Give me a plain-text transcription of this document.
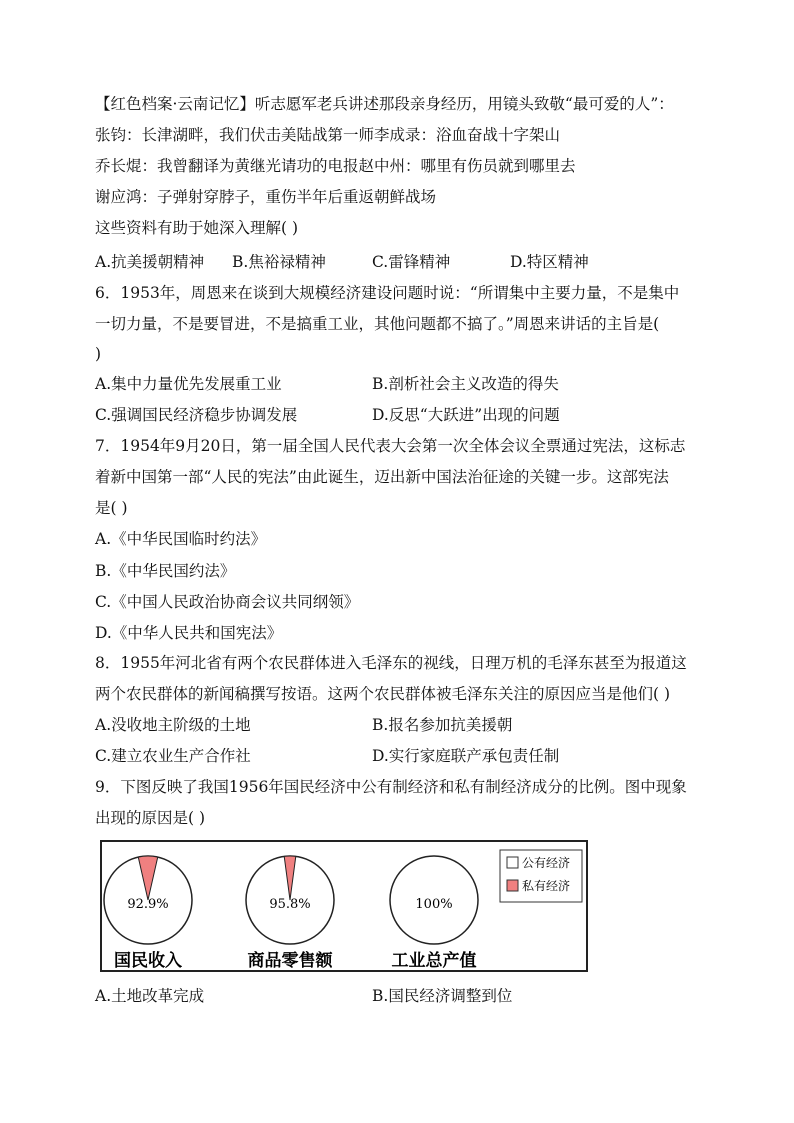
【红色档案·云南记忆】听志愿军老兵讲述那段亲身经历，用镜头致敬“最可爱的人”：
张钧：长津湖畔，我们伏击美陆战第一师李成录：浴血奋战十字架山
乔长焜：我曾翻译为黄继光请功的电报赵中州：哪里有伤员就到哪里去
谢应鸿：子弹射穿脖子，重伤半年后重返朝鲜战场
这些资料有助于她深入理解( )
A.抗美援朝精神 B.焦裕禄精神	C.雷锋精神	D.特区精神
6．1953年，周恩来在谈到大规模经济建设问题时说：“所谓集中主要力量，不是集中
一切力量，不是要冒进，不是搞重工业，其他问题都不搞了。”周恩来讲话的主旨是(
)
A.集中力量优先发展重工业	B.剖析社会主义改造的得失
C.强调国民经济稳步协调发展	D.反思“大跃进”出现的问题
7．1954年9月20日，第一届全国人民代表大会第一次全体会议全票通过宪法，这标志
着新中国第一部“人民的宪法”由此诞生，迈出新中国法治征途的关键一步。这部宪法
是( )
A.《中华民国临时约法》
B.《中华民国约法》
C.《中国人民政治协商会议共同纲领》
D.《中华人民共和国宪法》
8．1955年河北省有两个农民群体进入毛泽东的视线，日理万机的毛泽东甚至为报道这
两个农民群体的新闻稿撰写按语。这两个农民群体被毛泽东关注的原因应当是他们( )
A.没收地主阶级的土地	B.报名参加抗美援朝
C.建立农业生产合作社	D.实行家庭联产承包责任制
9．下图反映了我国1956年国民经济中公有制经济和私有制经济成分的比例。图中现象
出现的原因是( )
92.9%
国民收入
95.8%
商品零售额
100%
工业总产值
公有经济
私有经济
A.土地改革完成	B.国民经济调整到位
